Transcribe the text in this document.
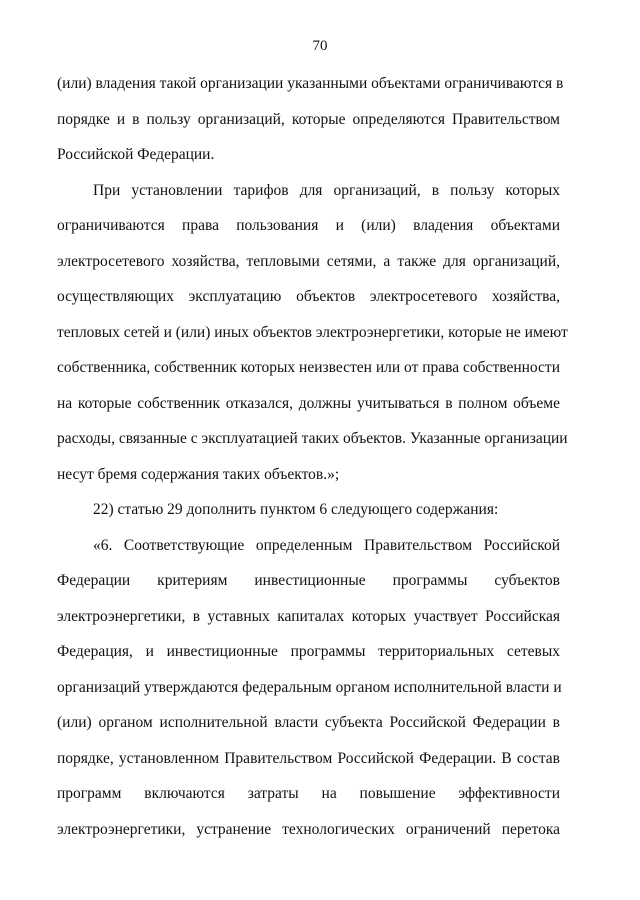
70
(или) владения такой организации указанными объектами ограничиваются в
порядке и в пользу организаций, которые определяются Правительством
Российской Федерации.
При установлении тарифов для организаций, в пользу которых
ограничиваются права пользования и (или) владения объектами
электросетевого хозяйства, тепловыми сетями, а также для организаций,
осуществляющих эксплуатацию объектов электросетевого хозяйства,
тепловых сетей и (или) иных объектов электроэнергетики, которые не имеют
собственника, собственник которых неизвестен или от права собственности
на которые собственник отказался, должны учитываться в полном объеме
расходы, связанные с эксплуатацией таких объектов. Указанные организации
несут бремя содержания таких объектов.»;
22) статью 29 дополнить пунктом 6 следующего содержания:
«6. Соответствующие определенным Правительством Российской
Федерации критериям инвестиционные программы субъектов
электроэнергетики, в уставных капиталах которых участвует Российская
Федерация, и инвестиционные программы территориальных сетевых
организаций утверждаются федеральным органом исполнительной власти и
(или) органом исполнительной власти субъекта Российской Федерации в
порядке, установленном Правительством Российской Федерации. В состав
программ включаются затраты на повышение эффективности
электроэнергетики, устранение технологических ограничений перетока
